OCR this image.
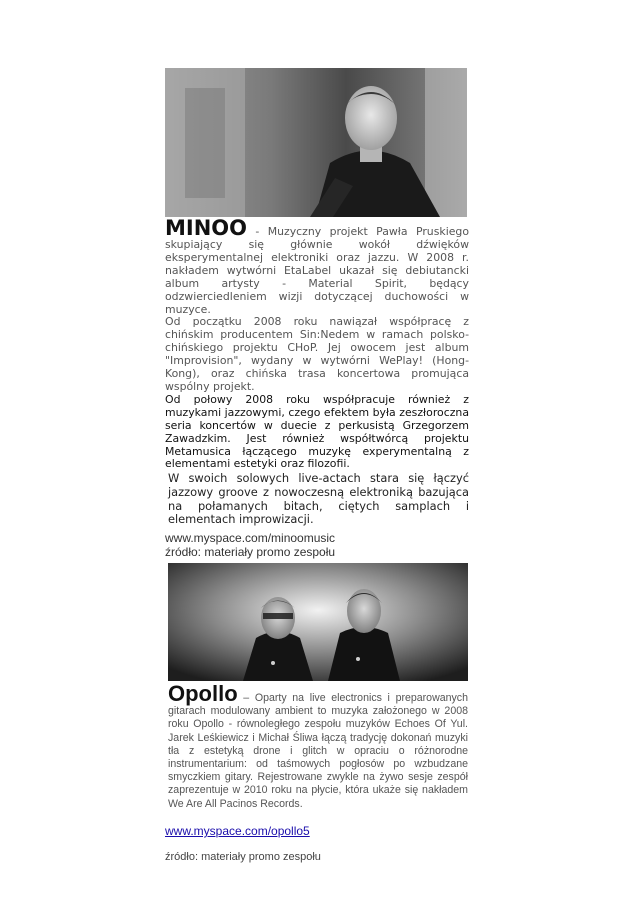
MINOO - Muzyczny projekt Pawła Pruskiego skupiający się głównie wokół dźwięków eksperymentalnej elektroniki oraz jazzu. W 2008 r. nakładem wytwórni EtaLabel ukazał się debiutancki album artysty - Material Spirit, będący odzwierciedleniem wizji dotyczącej duchowości w muzyce.

Od początku 2008 roku nawiązał współpracę z chińskim producentem Sin:Nedem w ramach polsko-chińskiego projektu CHoP. Jej owocem jest album "Improvision", wydany w wytwórni WePlay! (Hong-Kong), oraz chińska trasa koncertowa promująca wspólny projekt.

Od połowy 2008 roku współpracuje również z muzykami jazzowymi, czego efektem była zeszłoroczna seria koncertów w duecie z perkusistą Grzegorzem Zawadzkim. Jest również współtwórcą projektu Metamusica łączącego muzykę experymentalną z elementami estetyki oraz filozofii.

W swoich solowych live-actach stara się łączyć jazzowy groove z nowoczesną elektroniką bazująca na połamanych bitach, ciętych samplach i elementach improwizacji.

www.myspace.com/minoomusic
źródło: materiały promo zespołu

Opollo – Oparty na live electronics i preparowanych gitarach modulowany ambient to muzyka założonego w 2008 roku Opollo - równoległego zespołu muzyków Echoes Of Yul. Jarek Leśkiewicz i Michał Śliwa łączą tradycję dokonań muzyki tła z estetyką drone i glitch w opraciu o różnorodne instrumentarium: od taśmowych pogłosów po wzbudzane smyczkiem gitary. Rejestrowane zwykle na żywo sesje zespół zaprezentuje w 2010 roku na płycie, która ukaże się nakładem We Are All Pacinos Records.

www.myspace.com/opollo5
źródło: materiały promo zespołu
